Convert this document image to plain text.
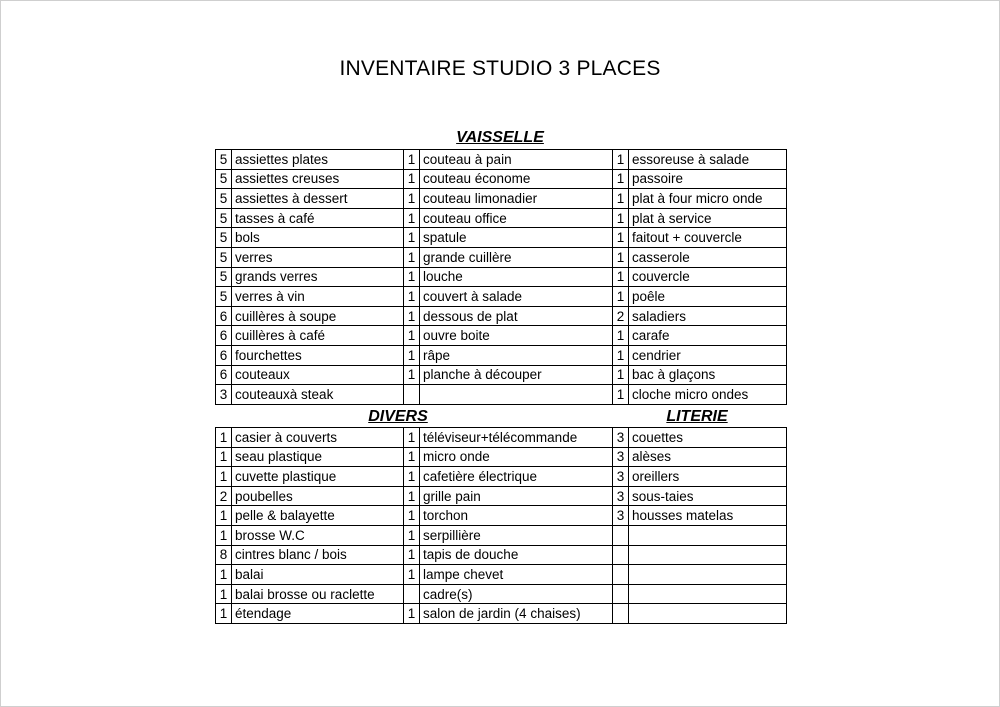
INVENTAIRE STUDIO 3 PLACES
VAISSELLE
5	assiettes plates	1	couteau à pain	1	essoreuse à salade
5	assiettes creuses	1	couteau économe	1	passoire
5	assiettes à dessert	1	couteau limonadier	1	plat à four micro onde
5	tasses à café	1	couteau office	1	plat à service
5	bols	1	spatule	1	faitout + couvercle
5	verres	1	grande cuillère	1	casserole
5	grands verres	1	louche	1	couvercle
5	verres à vin	1	couvert à salade	1	poêle
6	cuillères à soupe	1	dessous de plat	2	saladiers
6	cuillères à café	1	ouvre boite	1	carafe
6	fourchettes	1	râpe	1	cendrier
6	couteaux	1	planche à découper	1	bac à glaçons
3	couteauxà steak			1	cloche micro ondes
DIVERS	LITERIE
1	casier à couverts	1	téléviseur+télécommande	3	couettes
1	seau plastique	1	micro onde	3	alèses
1	cuvette plastique	1	cafetière électrique	3	oreillers
2	poubelles	1	grille pain	3	sous-taies
1	pelle & balayette	1	torchon	3	housses matelas
1	brosse W.C	1	serpillière		
8	cintres blanc / bois	1	tapis de douche		
1	balai	1	lampe chevet		
1	balai brosse ou raclette		cadre(s)		
1	étendage	1	salon de jardin (4 chaises)		
